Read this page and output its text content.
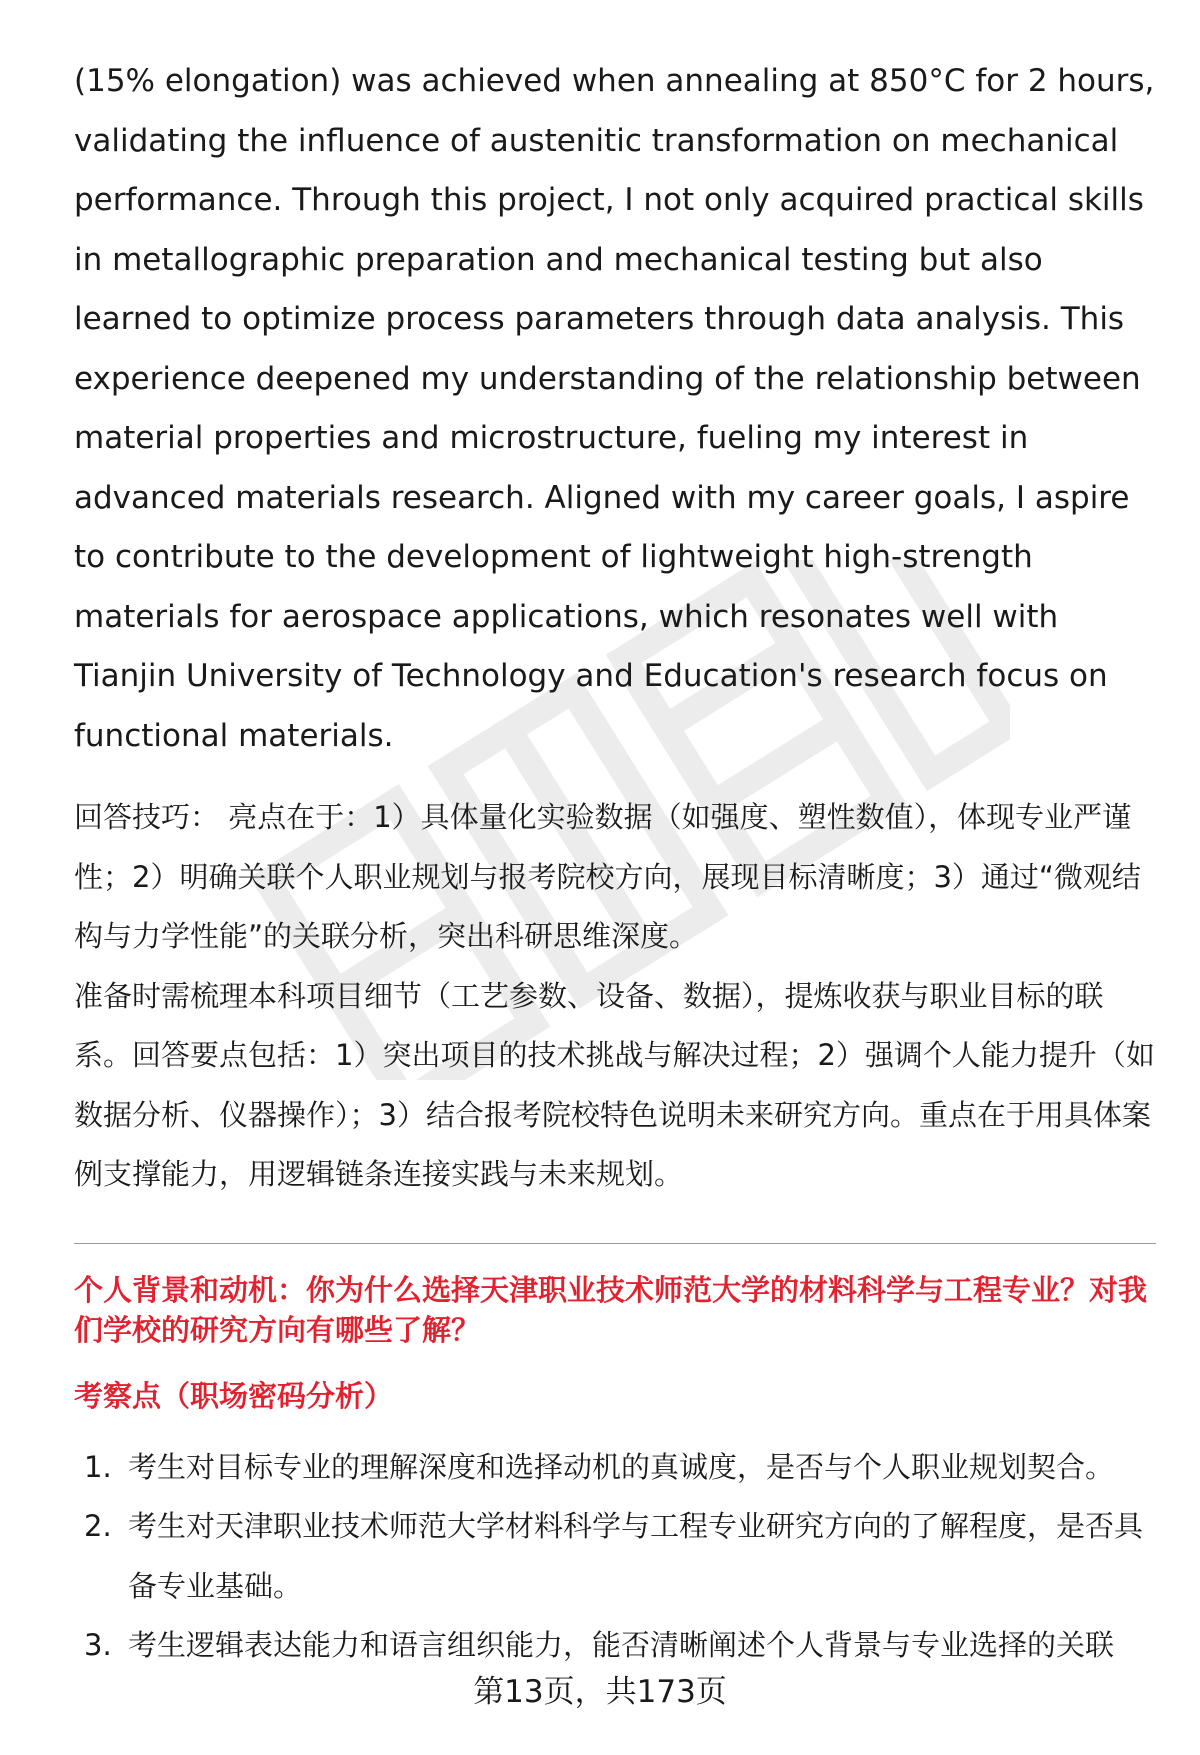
(15% elongation) was achieved when annealing at 850°C for 2 hours, validating the influence of austenitic transformation on mechanical performance. Through this project, I not only acquired practical skills in metallographic preparation and mechanical testing but also learned to optimize process parameters through data analysis. This experience deepened my understanding of the relationship between material properties and microstructure, fueling my interest in advanced materials research. Aligned with my career goals, I aspire to contribute to the development of lightweight high-strength materials for aerospace applications, which resonates well with Tianjin University of Technology and Education's research focus on functional materials.

回答技巧： 亮点在于：1）具体量化实验数据（如强度、塑性数值），体现专业严谨性；2）明确关联个人职业规划与报考院校方向，展现目标清晰度；3）通过“微观结构与力学性能”的关联分析，突出科研思维深度。

准备时需梳理本科项目细节（工艺参数、设备、数据），提炼收获与职业目标的联系。回答要点包括：1）突出项目的技术挑战与解决过程；2）强调个人能力提升（如数据分析、仪器操作）；3）结合报考院校特色说明未来研究方向。重点在于用具体案例支撑能力，用逻辑链条连接实践与未来规划。

个人背景和动机：你为什么选择天津职业技术师范大学的材料科学与工程专业？对我们学校的研究方向有哪些了解？
考察点（职场密码分析）
1. 考生对目标专业的理解深度和选择动机的真诚度，是否与个人职业规划契合。
2. 考生对天津职业技术师范大学材料科学与工程专业研究方向的了解程度，是否具备专业基础。
3. 考生逻辑表达能力和语言组织能力，能否清晰阐述个人背景与专业选择的关联
第13页，共173页
